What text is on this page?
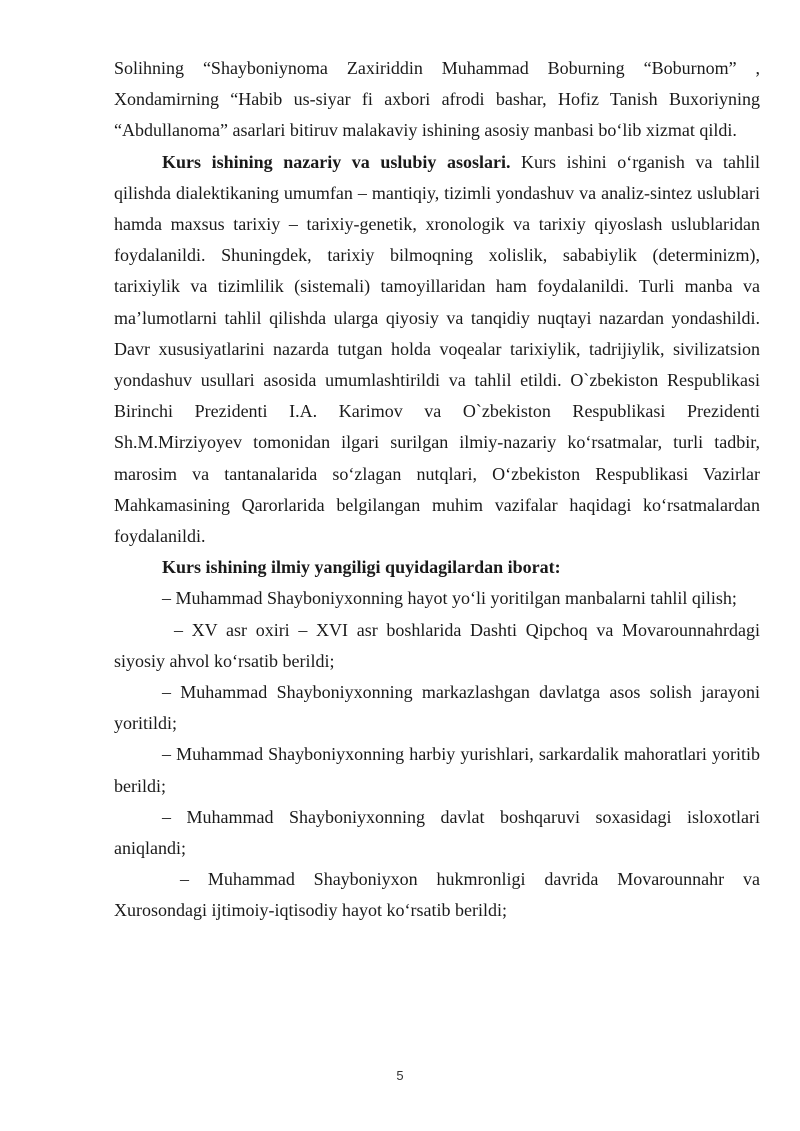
Solihning “Shayboniynoma Zaxiriddin Muhammad Boburning “Boburnom” , Xondamirning “Habib us-siyar fi axbori afrodi bashar, Hofiz Tanish Buxoriyning “Abdullanoma” asarlari bitiruv malakaviy ishining asosiy manbasi bo‘lib xizmat qildi.

Kurs ishining nazariy va uslubiy asoslari. Kurs ishini o‘rganish va tahlil qilishda dialektikaning umumfan – mantiqiy, tizimli yondashuv va analiz-sintez uslublari hamda maxsus tarixiy – tarixiy-genetik, xronologik va tarixiy qiyoslash uslublaridan foydalanildi. Shuningdek, tarixiy bilmoqning xolislik, sababiylik (determinizm), tarixiylik va tizimlilik (sistemali) tamoyillaridan ham foydalanildi. Turli manba va ma’lumotlarni tahlil qilishda ularga qiyosiy va tanqidiy nuqtayi nazardan yondashildi. Davr xususiyatlarini nazarda tutgan holda voqealar tarixiylik, tadrijiylik, sivilizatsion yondashuv usullari asosida umumlashtirildi va tahlil etildi. O`zbekiston Respublikasi Birinchi Prezidenti I.A. Karimov va O`zbekiston Respublikasi Prezidenti Sh.M.Mirziyoyev tomonidan ilgari surilgan ilmiy-nazariy ko‘rsatmalar, turli tadbir, marosim va tantanalarida so‘zlagan nutqlari, O‘zbekiston Respublikasi Vazirlar Mahkamasining Qarorlarida belgilangan muhim vazifalar haqidagi ko‘rsatmalardan foydalanildi.

Kurs ishining ilmiy yangiligi quyidagilardan iborat:

– Muhammad Shayboniyxonning hayot yo‘li yoritilgan manbalarni tahlil qilish;

– XV asr oxiri – XVI asr boshlarida Dashti Qipchoq va Movarounnahrdagi siyosiy ahvol ko‘rsatib berildi;

– Muhammad Shayboniyxonning markazlashgan davlatga asos solish jarayoni yoritildi;

– Muhammad Shayboniyxonning harbiy yurishlari, sarkardalik mahoratlari yoritib berildi;

– Muhammad Shayboniyxonning davlat boshqaruvi soxasidagi isloxotlari aniqlandi;

– Muhammad Shayboniyxon hukmronligi davrida Movarounnahr va Xurosondagi ijtimoiy-iqtisodiy hayot ko‘rsatib berildi;

5
